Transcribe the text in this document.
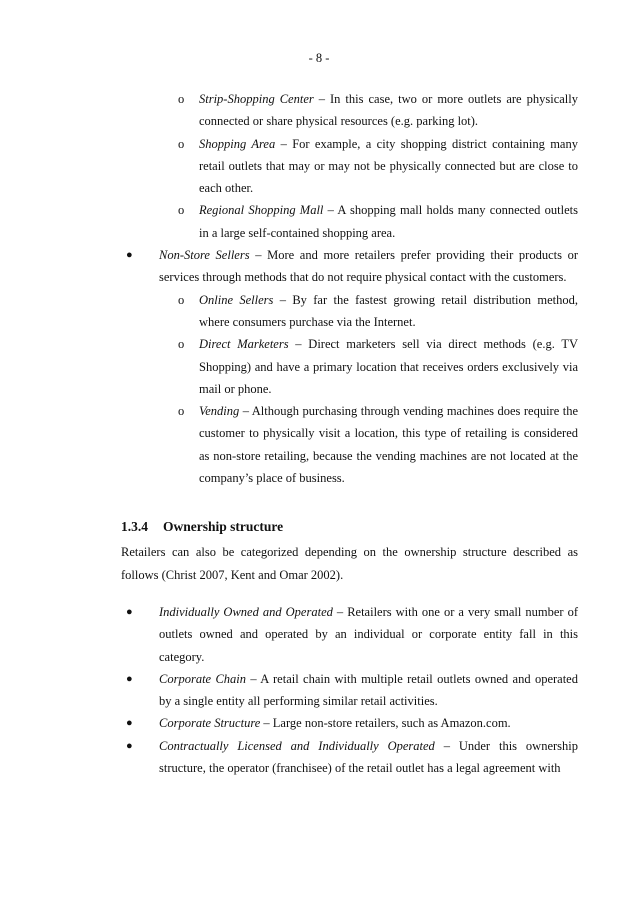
- 8 -
o Strip-Shopping Center – In this case, two or more outlets are physically connected or share physical resources (e.g. parking lot).
o Shopping Area – For example, a city shopping district containing many retail outlets that may or may not be physically connected but are close to each other.
o Regional Shopping Mall – A shopping mall holds many connected outlets in a large self-contained shopping area.
● Non-Store Sellers – More and more retailers prefer providing their products or services through methods that do not require physical contact with the customers.
o Online Sellers – By far the fastest growing retail distribution method, where consumers purchase via the Internet.
o Direct Marketers – Direct marketers sell via direct methods (e.g. TV Shopping) and have a primary location that receives orders exclusively via mail or phone.
o Vending – Although purchasing through vending machines does require the customer to physically visit a location, this type of retailing is considered as non-store retailing, because the vending machines are not located at the company’s place of business.
1.3.4 Ownership structure

Retailers can also be categorized depending on the ownership structure described as follows (Christ 2007, Kent and Omar 2002).

● Individually Owned and Operated – Retailers with one or a very small number of outlets owned and operated by an individual or corporate entity fall in this category.
● Corporate Chain – A retail chain with multiple retail outlets owned and operated by a single entity all performing similar retail activities.
● Corporate Structure – Large non-store retailers, such as Amazon.com.
● Contractually Licensed and Individually Operated – Under this ownership structure, the operator (franchisee) of the retail outlet has a legal agreement with
